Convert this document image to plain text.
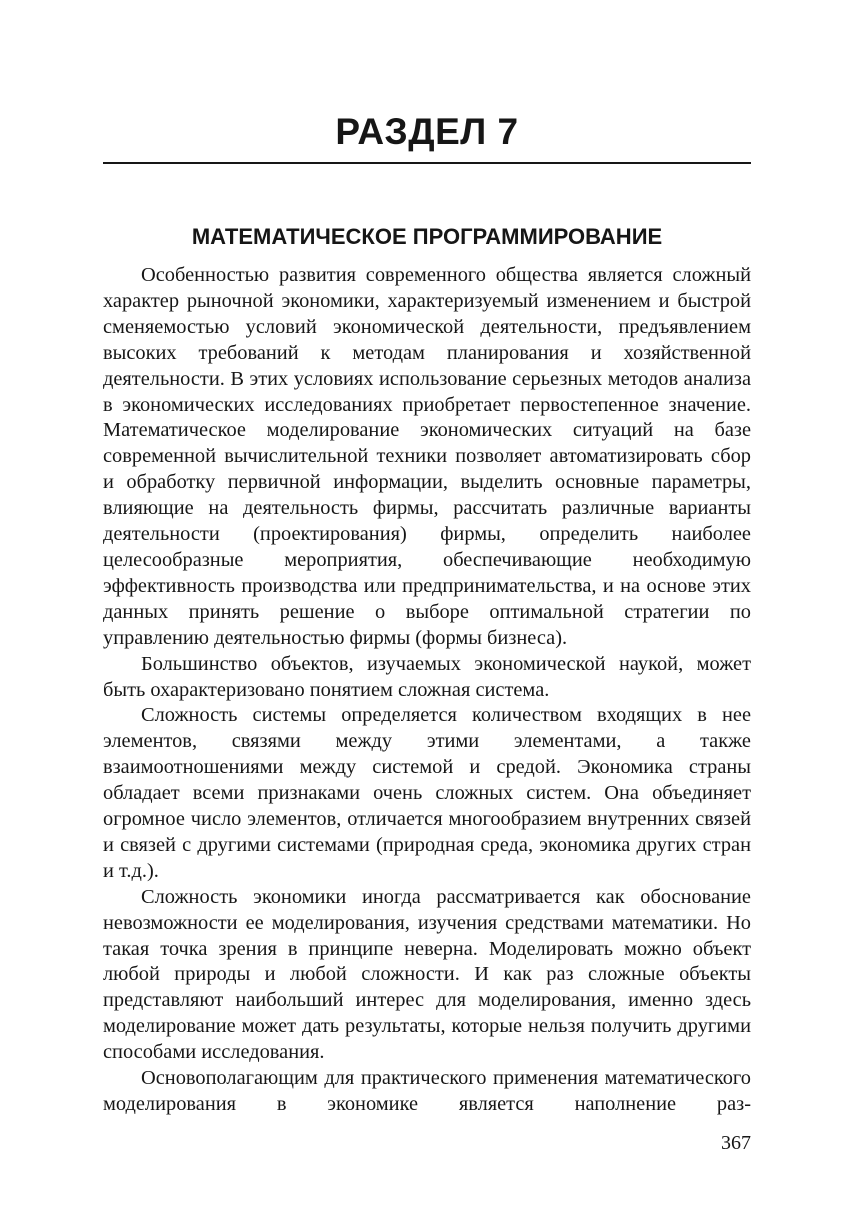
РАЗДЕЛ 7
МАТЕМАТИЧЕСКОЕ ПРОГРАММИРОВАНИЕ

Особенностью развития современного общества является сложный характер рыночной экономики, характеризуемый изменением и быстрой сменяемостью условий экономической деятельности, предъявлением высоких требований к методам планирования и хозяйственной деятельности. В этих условиях использование серьезных методов анализа в экономических исследованиях приобретает первостепенное значение. Математическое моделирование экономических ситуаций на базе современной вычислительной техники позволяет автоматизировать сбор и обработку первичной информации, выделить основные параметры, влияющие на деятельность фирмы, рассчитать различные варианты деятельности (проектирования) фирмы, определить наиболее целесообразные мероприятия, обеспечивающие необходимую эффективность производства или предпринимательства, и на основе этих данных принять решение о выборе оптимальной стратегии по управлению деятельностью фирмы (формы бизнеса).

Большинство объектов, изучаемых экономической наукой, может быть охарактеризовано понятием сложная система.

Сложность системы определяется количеством входящих в нее элементов, связями между этими элементами, а также взаимоотношениями между системой и средой. Экономика страны обладает всеми признаками очень сложных систем. Она объединяет огромное число элементов, отличается многообразием внутренних связей и связей с другими системами (природная среда, экономика других стран и т.д.).

Сложность экономики иногда рассматривается как обоснование невозможности ее моделирования, изучения средствами математики. Но такая точка зрения в принципе неверна. Моделировать можно объект любой природы и любой сложности. И как раз сложные объекты представляют наибольший интерес для моделирования, именно здесь моделирование может дать результаты, которые нельзя получить другими способами исследования.

Основополагающим для практического применения математического моделирования в экономике является наполнение раз-

367
